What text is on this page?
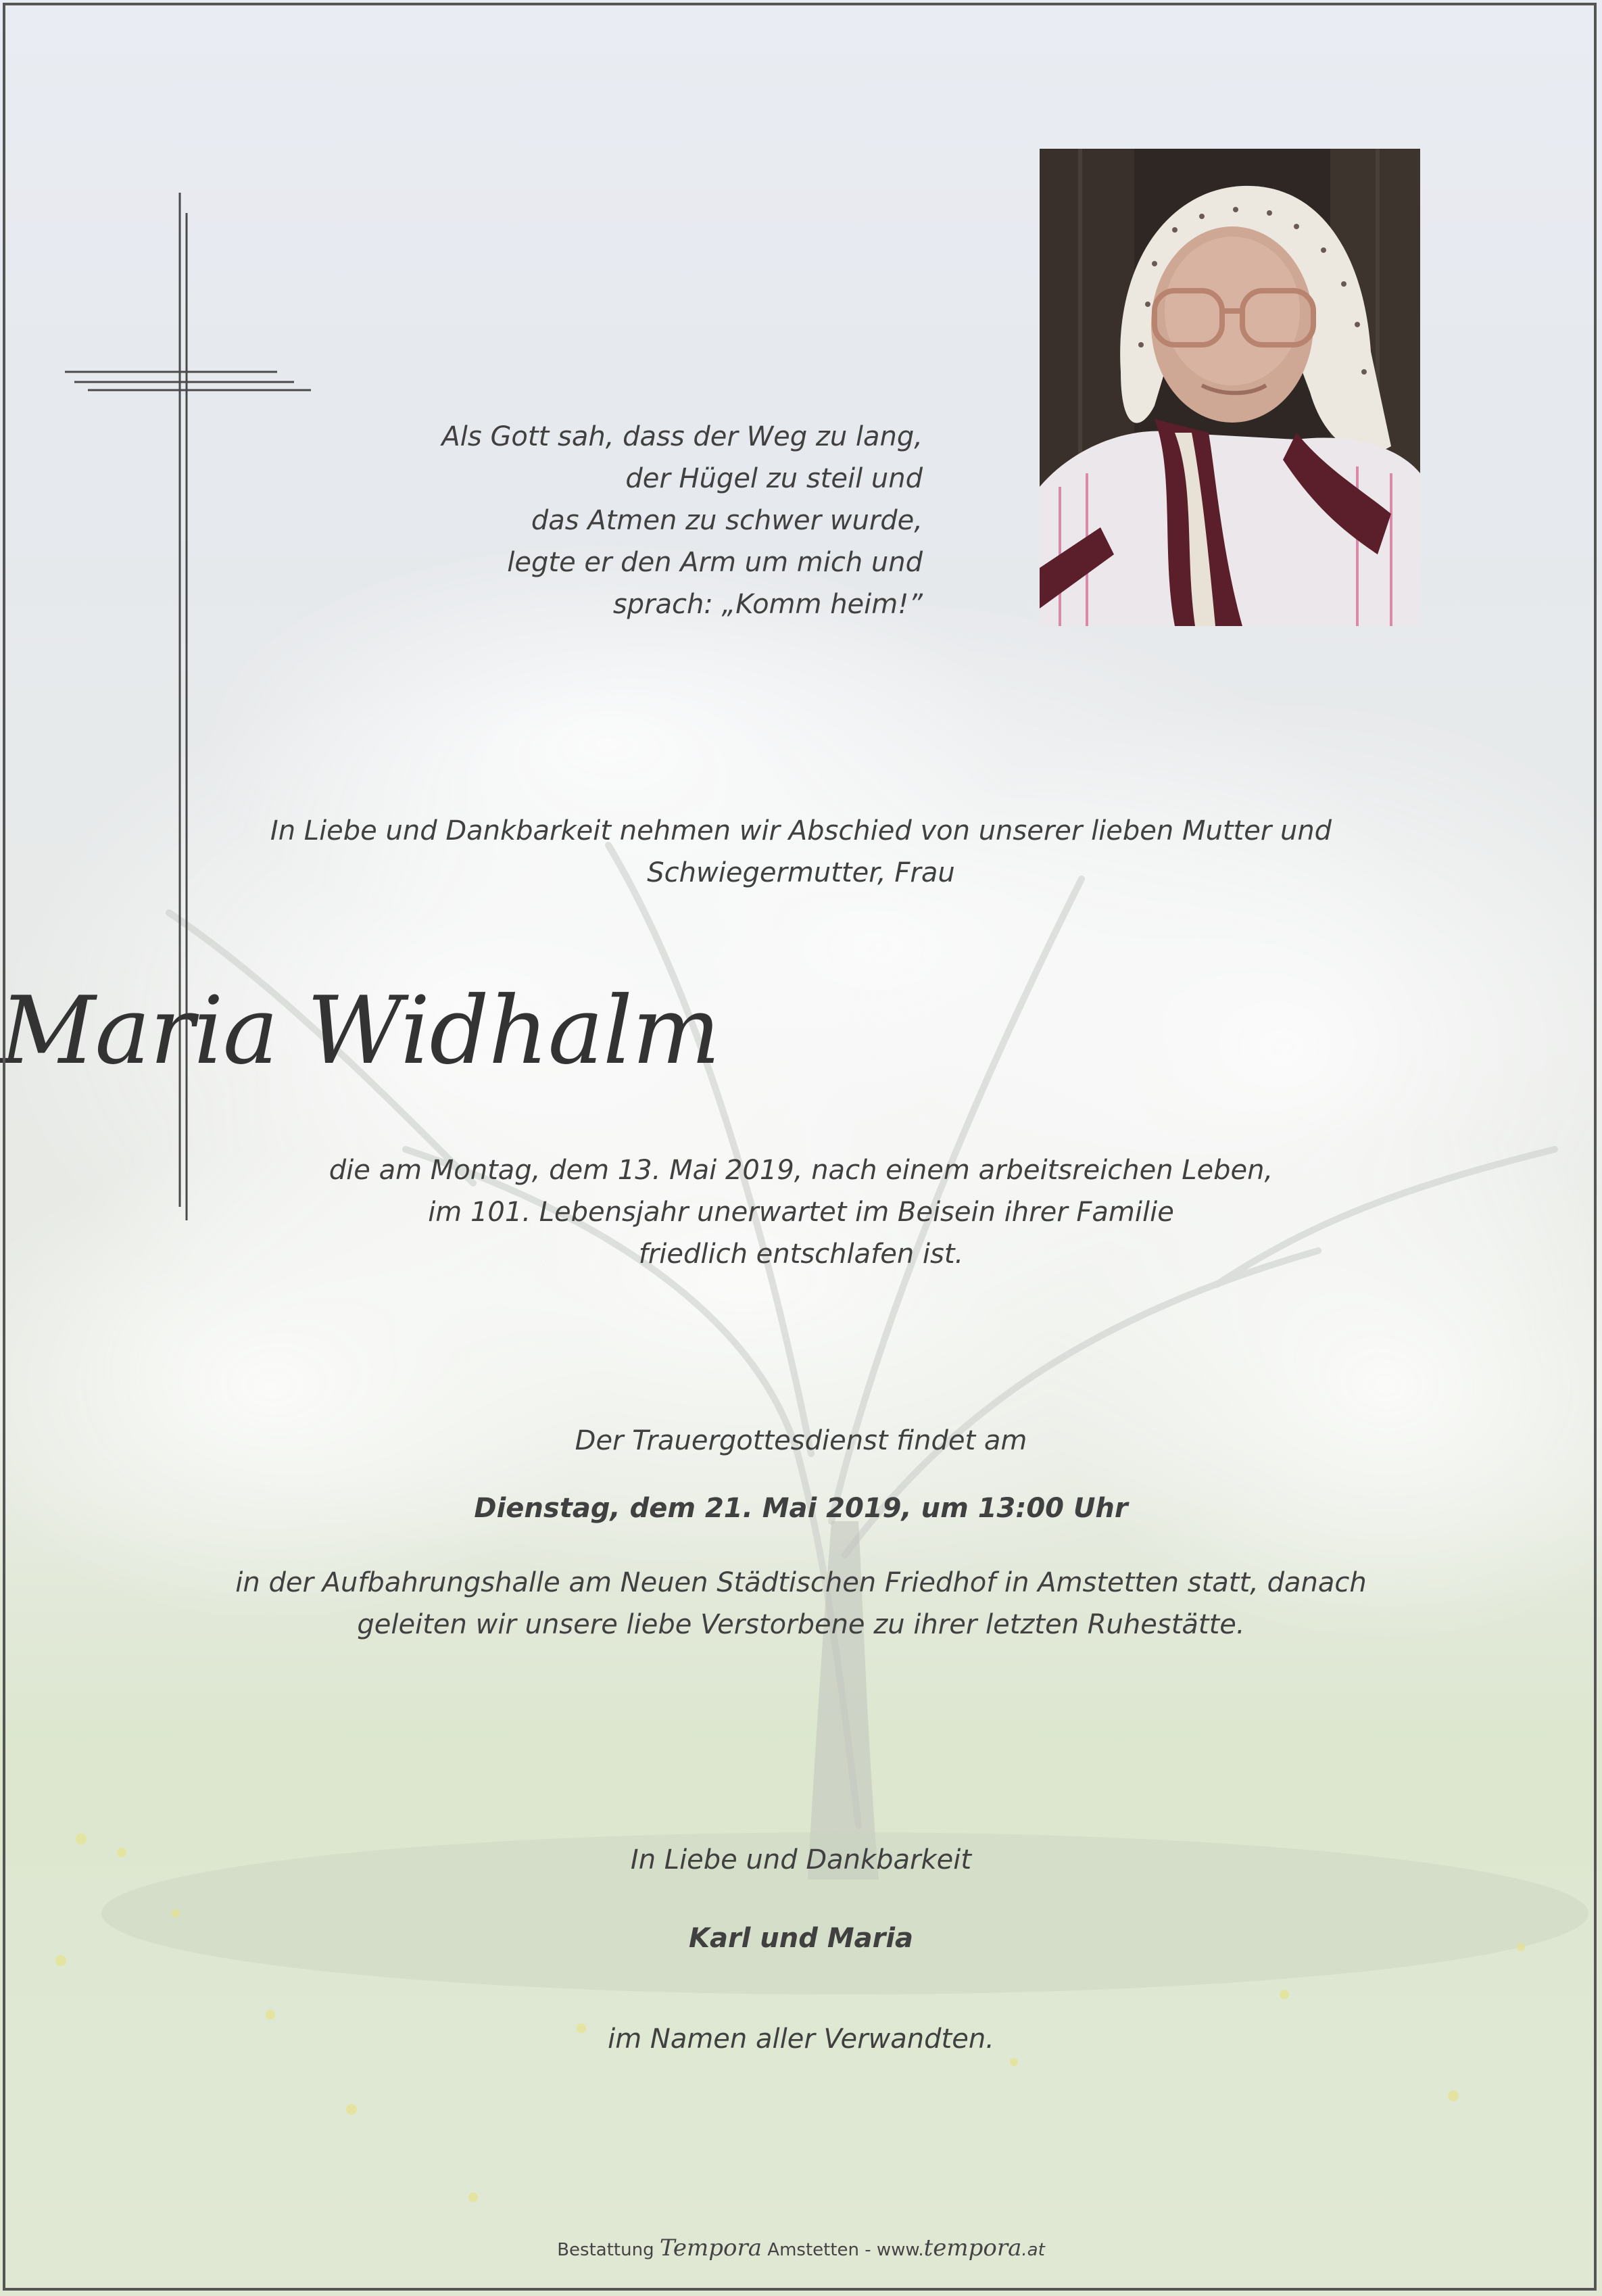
Als Gott sah, dass der Weg zu lang,
der Hügel zu steil und
das Atmen zu schwer wurde,
legte er den Arm um mich und
sprach: „Komm heim!”

In Liebe und Dankbarkeit nehmen wir Abschied von unserer lieben Mutter und
Schwiegermutter, Frau

Maria Widhalm

die am Montag, dem 13. Mai 2019, nach einem arbeitsreichen Leben,
im 101. Lebensjahr unerwartet im Beisein ihrer Familie
friedlich entschlafen ist.

Der Trauergottesdienst findet am

Dienstag, dem 21. Mai 2019, um 13:00 Uhr

in der Aufbahrungshalle am Neuen Städtischen Friedhof in Amstetten statt, danach
geleiten wir unsere liebe Verstorbene zu ihrer letzten Ruhestätte.

In Liebe und Dankbarkeit

Karl und Maria

im Namen aller Verwandten.

Bestattung Tempora Amstetten - www.tempora.at
